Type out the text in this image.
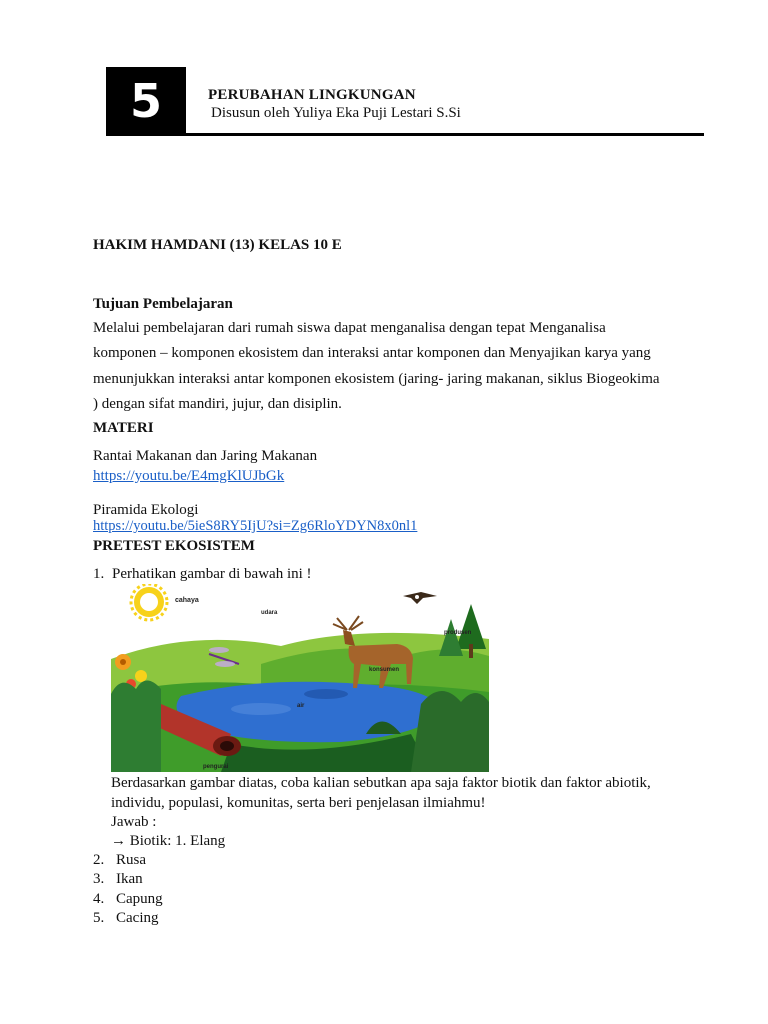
5	PERUBAHAN LINGKUNGAN
Disusun oleh Yuliya Eka Puji Lestari S.Si
HAKIM HAMDANI (13) KELAS 10 E
Tujuan Pembelajaran
Melalui pembelajaran dari rumah siswa dapat menganalisa dengan tepat Menganalisa
komponen – komponen ekosistem dan interaksi antar komponen dan Menyajikan karya yang
menunjukkan interaksi antar komponen ekosistem (jaring- jaring makanan, siklus Biogeokima
) dengan sifat mandiri, jujur, dan disiplin.
MATERI
Rantai Makanan dan Jaring Makanan
https://youtu.be/E4mgKlUJbGk
Piramida Ekologi
https://youtu.be/5ieS8RY5IjU?si=Zg6RloYDYN8x0nl1
PRETEST EKOSISTEM
1. Perhatikan gambar di bawah ini !
cahaya
udara
produsen
konsumen
air
pengurai
Berdasarkan gambar diatas, coba kalian sebutkan apa saja faktor biotik dan faktor abiotik,
individu, populasi, komunitas, serta beri penjelasan ilmiahmu!
Jawab :
→ Biotik: 1. Elang
2. Rusa
3. Ikan
4. Capung
5. Cacing
